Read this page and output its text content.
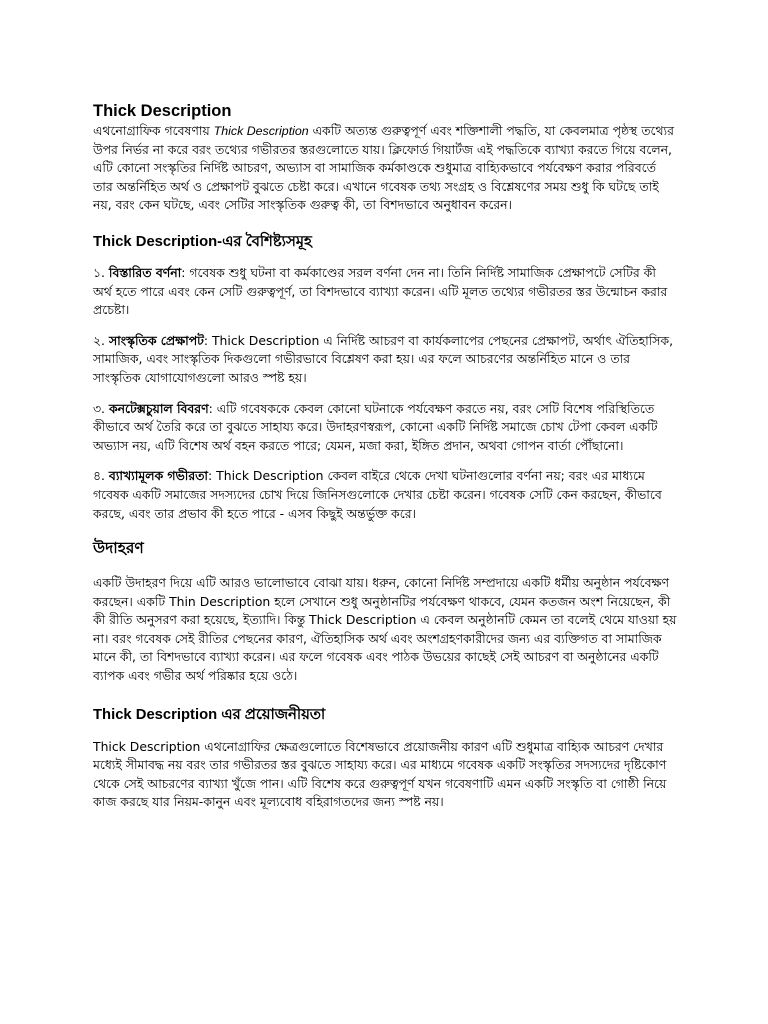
Thick Description

এথনোগ্রাফিক গবেষণায় Thick Description একটি অত্যন্ত গুরুত্বপূর্ণ এবং শক্তিশালী পদ্ধতি, যা কেবলমাত্র পৃষ্ঠস্থ তথ্যের উপর নির্ভর না করে বরং তথ্যের গভীরতর স্তরগুলোতে যায়। ক্লিফোর্ড গিয়ার্টজ এই পদ্ধতিকে ব্যাখ্যা করতে গিয়ে বলেন, এটি কোনো সংস্কৃতির নির্দিষ্ট আচরণ, অভ্যাস বা সামাজিক কর্মকাণ্ডকে শুধুমাত্র বাহ্যিকভাবে পর্যবেক্ষণ করার পরিবর্তে তার অন্তর্নিহিত অর্থ ও প্রেক্ষাপট বুঝতে চেষ্টা করে। এখানে গবেষক তথ্য সংগ্রহ ও বিশ্লেষণের সময় শুধু কি ঘটছে তাই নয়, বরং কেন ঘটছে, এবং সেটির সাংস্কৃতিক গুরুত্ব কী, তা বিশদভাবে অনুধাবন করেন।

Thick Description-এর বৈশিষ্ট্যসমূহ

১. বিস্তারিত বর্ণনা: গবেষক শুধু ঘটনা বা কর্মকাণ্ডের সরল বর্ণনা দেন না। তিনি নির্দিষ্ট সামাজিক প্রেক্ষাপটে সেটির কী অর্থ হতে পারে এবং কেন সেটি গুরুত্বপূর্ণ, তা বিশদভাবে ব্যাখ্যা করেন। এটি মূলত তথ্যের গভীরতর স্তর উন্মোচন করার প্রচেষ্টা।

২. সাংস্কৃতিক প্রেক্ষাপট: Thick Description এ নির্দিষ্ট আচরণ বা কার্যকলাপের পেছনের প্রেক্ষাপট, অর্থাৎ ঐতিহাসিক, সামাজিক, এবং সাংস্কৃতিক দিকগুলো গভীরভাবে বিশ্লেষণ করা হয়। এর ফলে আচরণের অন্তর্নিহিত মানে ও তার সাংস্কৃতিক যোগাযোগগুলো আরও স্পষ্ট হয়।

৩. কনটেক্সচুয়াল বিবরণ: এটি গবেষককে কেবল কোনো ঘটনাকে পর্যবেক্ষণ করতে নয়, বরং সেটি বিশেষ পরিস্থিতিতে কীভাবে অর্থ তৈরি করে তা বুঝতে সাহায্য করে। উদাহরণস্বরূপ, কোনো একটি নির্দিষ্ট সমাজে চোখ টেপা কেবল একটি অভ্যাস নয়, এটি বিশেষ অর্থ বহন করতে পারে; যেমন, মজা করা, ইঙ্গিত প্রদান, অথবা গোপন বার্তা পৌঁছানো।

৪. ব্যাখ্যামূলক গভীরতা: Thick Description কেবল বাইরে থেকে দেখা ঘটনাগুলোর বর্ণনা নয়; বরং এর মাধ্যমে গবেষক একটি সমাজের সদস্যদের চোখ দিয়ে জিনিসগুলোকে দেখার চেষ্টা করেন। গবেষক সেটি কেন করছেন, কীভাবে করছে, এবং তার প্রভাব কী হতে পারে - এসব কিছুই অন্তর্ভুক্ত করে।

উদাহরণ

একটি উদাহরণ দিয়ে এটি আরও ভালোভাবে বোঝা যায়। ধরুন, কোনো নির্দিষ্ট সম্প্রদায়ে একটি ধর্মীয় অনুষ্ঠান পর্যবেক্ষণ করছেন। একটি Thin Description হলে সেখানে শুধু অনুষ্ঠানটির পর্যবেক্ষণ থাকবে, যেমন কতজন অংশ নিয়েছেন, কী কী রীতি অনুসরণ করা হয়েছে, ইত্যাদি। কিন্তু Thick Description এ কেবল অনুষ্ঠানটি কেমন তা বলেই থেমে যাওয়া হয় না। বরং গবেষক সেই রীতির পেছনের কারণ, ঐতিহাসিক অর্থ এবং অংশগ্রহণকারীদের জন্য এর ব্যক্তিগত বা সামাজিক মানে কী, তা বিশদভাবে ব্যাখ্যা করেন। এর ফলে গবেষক এবং পাঠক উভয়ের কাছেই সেই আচরণ বা অনুষ্ঠানের একটি ব্যাপক এবং গভীর অর্থ পরিষ্কার হয়ে ওঠে।

Thick Description এর প্রয়োজনীয়তা

Thick Description এথনোগ্রাফির ক্ষেত্রগুলোতে বিশেষভাবে প্রয়োজনীয় কারণ এটি শুধুমাত্র বাহ্যিক আচরণ দেখার মধ্যেই সীমাবদ্ধ নয় বরং তার গভীরতর স্তর বুঝতে সাহায্য করে। এর মাধ্যমে গবেষক একটি সংস্কৃতির সদস্যদের দৃষ্টিকোণ থেকে সেই আচরণের ব্যাখ্যা খুঁজে পান। এটি বিশেষ করে গুরুত্বপূর্ণ যখন গবেষণাটি এমন একটি সংস্কৃতি বা গোষ্ঠী নিয়ে কাজ করছে যার নিয়ম-কানুন এবং মূল্যবোধ বহিরাগতদের জন্য স্পষ্ট নয়।
